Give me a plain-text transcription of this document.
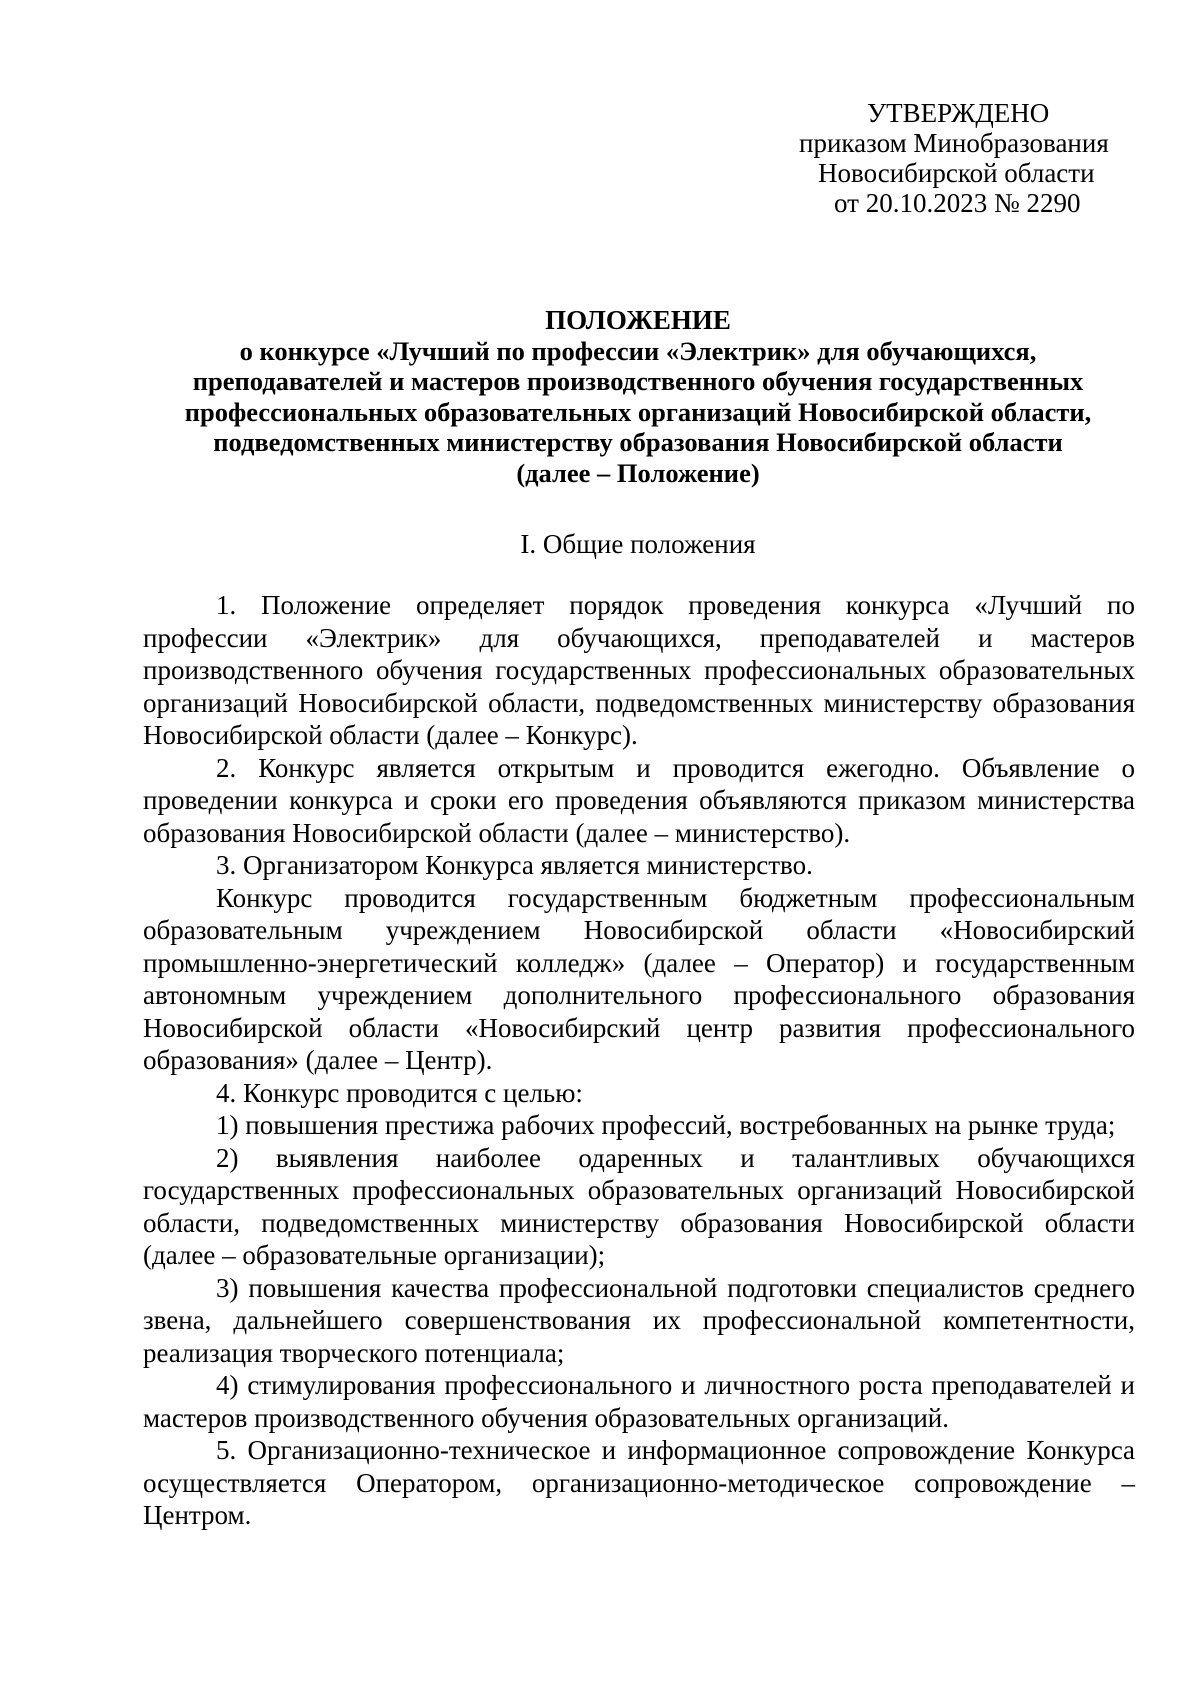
УТВЕРЖДЕНО
приказом Минобразования
Новосибирской области
от 20.10.2023 № 2290
ПОЛОЖЕНИЕ
о конкурсе «Лучший по профессии «Электрик» для обучающихся,
преподавателей и мастеров производственного обучения государственных
профессиональных образовательных организаций Новосибирской области,
подведомственных министерству образования Новосибирской области
(далее – Положение)
I. Общие положения

1. Положение определяет порядок проведения конкурса «Лучший по профессии «Электрик» для обучающихся, преподавателей и мастеров производственного обучения государственных профессиональных образовательных организаций Новосибирской области, подведомственных министерству образования Новосибирской области (далее – Конкурс).

2. Конкурс является открытым и проводится ежегодно. Объявление о проведении конкурса и сроки его проведения объявляются приказом министерства образования Новосибирской области (далее – министерство).

3. Организатором Конкурса является министерство.

Конкурс проводится государственным бюджетным профессиональным образовательным учреждением Новосибирской области «Новосибирский промышленно-энергетический колледж» (далее – Оператор) и государственным автономным учреждением дополнительного профессионального образования Новосибирской области «Новосибирский центр развития профессионального образования» (далее – Центр).

4. Конкурс проводится с целью:

1) повышения престижа рабочих профессий, востребованных на рынке труда;

2) выявления наиболее одаренных и талантливых обучающихся государственных профессиональных образовательных организаций Новосибирской области, подведомственных министерству образования Новосибирской области (далее – образовательные организации);

3) повышения качества профессиональной подготовки специалистов среднего звена, дальнейшего совершенствования их профессиональной компетентности, реализация творческого потенциала;

4) стимулирования профессионального и личностного роста преподавателей и мастеров производственного обучения образовательных организаций.

5. Организационно-техническое и информационное сопровождение Конкурса осуществляется Оператором, организационно-методическое сопровождение – Центром.
